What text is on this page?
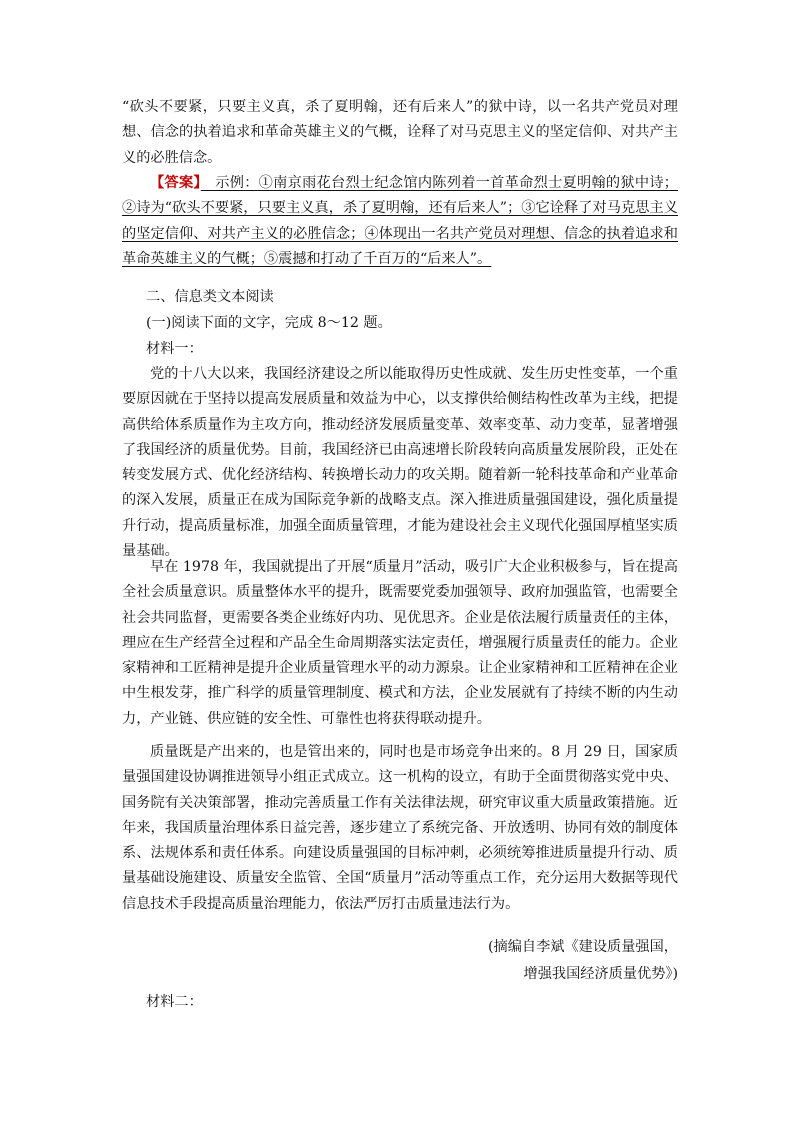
“砍头不要紧，只要主义真，杀了夏明翰，还有后来人”的狱中诗，以一名共产党员对理想、信念的执着追求和革命英雄主义的气概，诠释了对马克思主义的坚定信仰、对共产主义的必胜信念。

【答案】　示例：①南京雨花台烈士纪念馆内陈列着一首革命烈士夏明翰的狱中诗；②诗为“砍头不要紧，只要主义真，杀了夏明翰，还有后来人”；③它诠释了对马克思主义的坚定信仰、对共产主义的必胜信念；④体现出一名共产党员对理想、信念的执着追求和革命英雄主义的气概；⑤震撼和打动了千百万的“后来人”。

二、信息类文本阅读
(一)阅读下面的文字，完成 8～12 题。
材料一：

党的十八大以来，我国经济建设之所以能取得历史性成就、发生历史性变革，一个重要原因就在于坚持以提高发展质量和效益为中心，以支撑供给侧结构性改革为主线，把提高供给体系质量作为主攻方向，推动经济发展质量变革、效率变革、动力变革，显著增强了我国经济的质量优势。目前，我国经济已由高速增长阶段转向高质量发展阶段，正处在转变发展方式、优化经济结构、转换增长动力的攻关期。随着新一轮科技革命和产业革命的深入发展，质量正在成为国际竞争新的战略支点。深入推进质量强国建设，强化质量提升行动，提高质量标准，加强全面质量管理，才能为建设社会主义现代化强国厚植坚实质量基础。

早在 1978 年，我国就提出了开展“质量月”活动，吸引广大企业积极参与，旨在提高全社会质量意识。质量整体水平的提升，既需要党委加强领导、政府加强监管，也需要全社会共同监督，更需要各类企业练好内功、见优思齐。企业是依法履行质量责任的主体，理应在生产经营全过程和产品全生命周期落实法定责任，增强履行质量责任的能力。企业家精神和工匠精神是提升企业质量管理水平的动力源泉。让企业家精神和工匠精神在企业中生根发芽，推广科学的质量管理制度、模式和方法，企业发展就有了持续不断的内生动力，产业链、供应链的安全性、可靠性也将获得联动提升。

质量既是产出来的，也是管出来的，同时也是市场竞争出来的。8 月 29 日，国家质量强国建设协调推进领导小组正式成立。这一机构的设立，有助于全面贯彻落实党中央、国务院有关决策部署，推动完善质量工作有关法律法规，研究审议重大质量政策措施。近年来，我国质量治理体系日益完善，逐步建立了系统完备、开放透明、协同有效的制度体系、法规体系和责任体系。向建设质量强国的目标冲刺，必须统筹推进质量提升行动、质量基础设施建设、质量安全监管、全国“质量月”活动等重点工作，充分运用大数据等现代信息技术手段提高质量治理能力，依法严厉打击质量违法行为。

(摘编自李斌《建设质量强国，
增强我国经济质量优势》)
材料二：
